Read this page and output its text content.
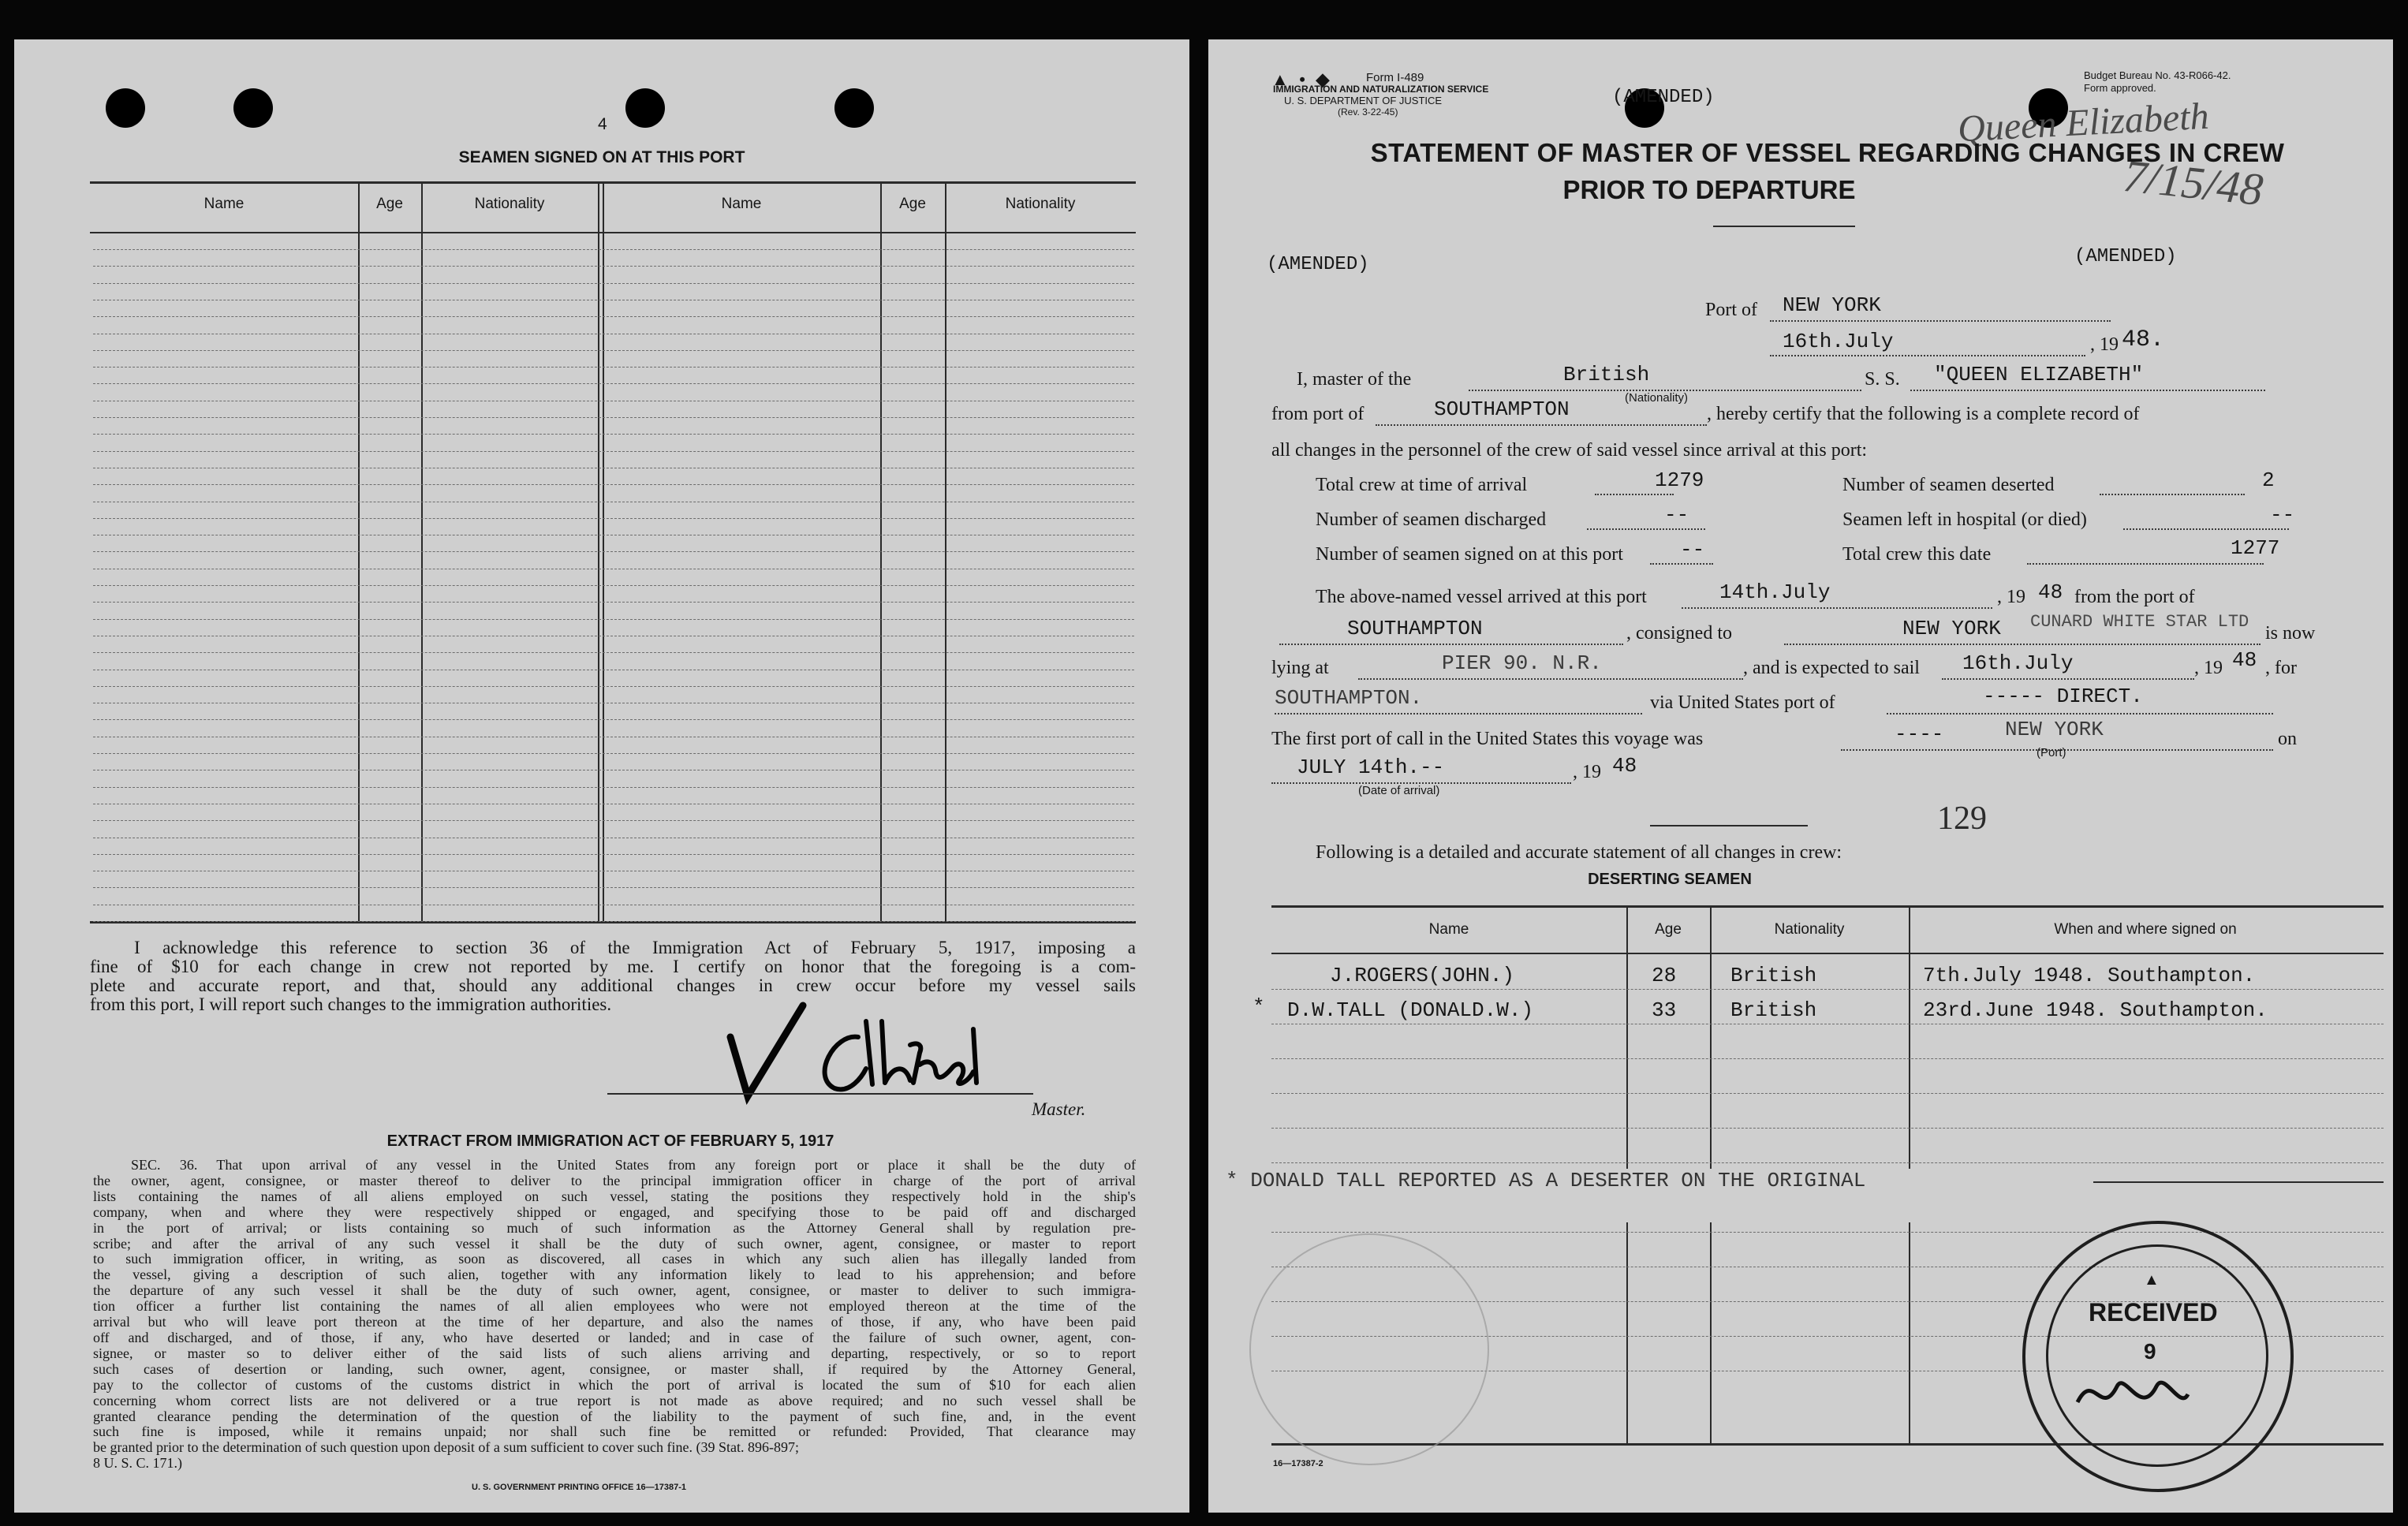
4
SEAMEN SIGNED ON AT THIS PORT
Name	Age	Nationality	Name	Age	Nationality
I acknowledge this reference to section 36 of the Immigration Act of February 5, 1917, imposing a
fine of $10 for each change in crew not reported by me. I certify on honor that the foregoing is a com-
plete and accurate report, and that, should any additional changes in crew occur before my vessel sails
from this port, I will report such changes to the immigration authorities.
Master.
EXTRACT FROM IMMIGRATION ACT OF FEBRUARY 5, 1917
SEC. 36. That upon arrival of any vessel in the United States from any foreign port or place it shall be the duty of
the owner, agent, consignee, or master thereof to deliver to the principal immigration officer in charge of the port of arrival
lists containing the names of all aliens employed on such vessel, stating the positions they respectively hold in the ship's
company, when and where they were respectively shipped or engaged, and specifying those to be paid off and discharged
in the port of arrival; or lists containing so much of such information as the Attorney General shall by regulation pre-
scribe; and after the arrival of any such vessel it shall be the duty of such owner, agent, consignee, or master to report
to such immigration officer, in writing, as soon as discovered, all cases in which any such alien has illegally landed from
the vessel, giving a description of such alien, together with any information likely to lead to his apprehension; and before
the departure of any such vessel it shall be the duty of such owner, agent, consignee, or master to deliver to such immigra-
tion officer a further list containing the names of all alien employees who were not employed thereon at the time of the
arrival but who will leave port thereon at the time of her departure, and also the names of those, if any, who have been paid
off and discharged, and of those, if any, who have deserted or landed; and in case of the failure of such owner, agent, con-
signee, or master so to deliver either of the said lists of such aliens arriving and departing, respectively, or so to report
such cases of desertion or landing, such owner, agent, consignee, or master shall, if required by the Attorney General,
pay to the collector of customs of the customs district in which the port of arrival is located the sum of $10 for each alien
concerning whom correct lists are not delivered or a true report is not made as above required; and no such vessel shall be
granted clearance pending the determination of the question of the liability to the payment of such fine, and, in the event
such fine is imposed, while it remains unpaid; nor shall such fine be remitted or refunded: Provided, That clearance may
be granted prior to the determination of such question upon deposit of a sum sufficient to cover such fine. (39 Stat. 896-897;
8 U. S. C. 171.)
U. S. GOVERNMENT PRINTING OFFICE 16—17387-1
▲ • ◆	Form I-489
IMMIGRATION AND NATURALIZATION SERVICE
U. S. DEPARTMENT OF JUSTICE
(Rev. 3-22-45)
(AMENDED)
Budget Bureau No. 43-R066-42.
Form approved.
Queen Elizabeth
7/15/48
STATEMENT OF MASTER OF VESSEL REGARDING CHANGES IN CREW
PRIOR TO DEPARTURE
(AMENDED)	(AMENDED)
Port of NEW YORK
16th.July	, 19 48.
I, master of the	British
(Nationality)
S. S. "QUEEN ELIZABETH"
from port of	SOUTHAMPTON	, hereby certify that the following is a complete record of
all changes in the personnel of the crew of said vessel since arrival at this port:
Total crew at time of arrival	1279	Number of seamen deserted	2
Number of seamen discharged	--	Seamen left in hospital (or died)	--
Number of seamen signed on at this port	--	Total crew this date	1277
The above-named vessel arrived at this port	14th.July	, 19 48 from the port of
SOUTHAMPTON	, consigned to	NEW YORK CUNARD WHITE STAR LTD
is now
lying at	PIER 90. N.R.	, and is expected to sail 16th.July	, 19 48 , for
SOUTHAMPTON.	via United States port of	----- DIRECT.
The first port of call in the United States this voyage was	----	NEW YORK
(Port)
on
JULY 14th.--
(Date of arrival)
, 19 48
129
Following is a detailed and accurate statement of all changes in crew:
DESERTING SEAMEN
Name	Age	Nationality	When and where signed on
J.ROGERS(JOHN.)	28	British	7th.July 1948. Southampton.
* D.W.TALL (DONALD.W.)	33	British	23rd.June 1948. Southampton.
* DONALD TALL REPORTED AS A DESERTER ON THE ORIGINAL
▲
RECEIVED
9
16—17387-2
